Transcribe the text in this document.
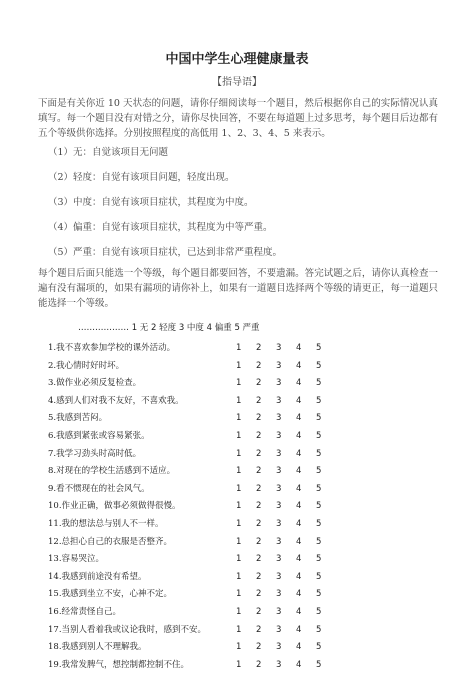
中国中学生心理健康量表
【指导语】
下面是有关你近 10 天状态的问题，请你仔细阅读每一个题目，然后根据你自己的实际情况认真填写。每一个题目没有对错之分，请你尽快回答，不要在每道题上过多思考，每个题目后边都有五个等级供你选择。分别按照程度的高低用 1、2、3、4、5 来表示。
（1）无：自觉该项目无问题
（2）轻度：自觉有该项目问题，轻度出现。
（3）中度：自觉有该项目症状，其程度为中度。
（4）偏重：自觉有该项目症状，其程度为中等严重。
（5）严重：自觉有该项目症状，已达到非常严重程度。
每个题目后面只能选一个等级，每个题目都要回答，不要遗漏。答完试题之后，请你认真检查一遍有没有漏项的，如果有漏项的请你补上，如果有一道题目选择两个等级的请更正，每一道题只能选择一个等级。
……………… 1 无 2 轻度 3 中度 4 偏重 5 严重
1.我不喜欢参加学校的课外活动。	1 2 3 4 5
2.我心情时好时坏。	1 2 3 4 5
3.做作业必须反复检查。	1 2 3 4 5
4.感到人们对我不友好，不喜欢我。	1 2 3 4 5
5.我感到苦闷。	1 2 3 4 5
6.我感到紧张或容易紧张。	1 2 3 4 5
7.我学习劲头时高时低。	1 2 3 4 5
8.对现在的学校生活感到不适应。	1 2 3 4 5
9.看不惯现在的社会风气。	1 2 3 4 5
10.作业正确，做事必须做得很慢。	1 2 3 4 5
11.我的想法总与别人不一样。	1 2 3 4 5
12.总担心自己的衣服是否整齐。	1 2 3 4 5
13.容易哭泣。	1 2 3 4 5
14.我感到前途没有希望。	1 2 3 4 5
15.我感到坐立不安，心神不定。	1 2 3 4 5
16.经常责怪自己。	1 2 3 4 5
17.当别人看着我或议论我时，感到不安。	1 2 3 4 5
18.我感到别人不理解我。	1 2 3 4 5
19.我常发脾气，想控制都控制不住。	1 2 3 4 5
